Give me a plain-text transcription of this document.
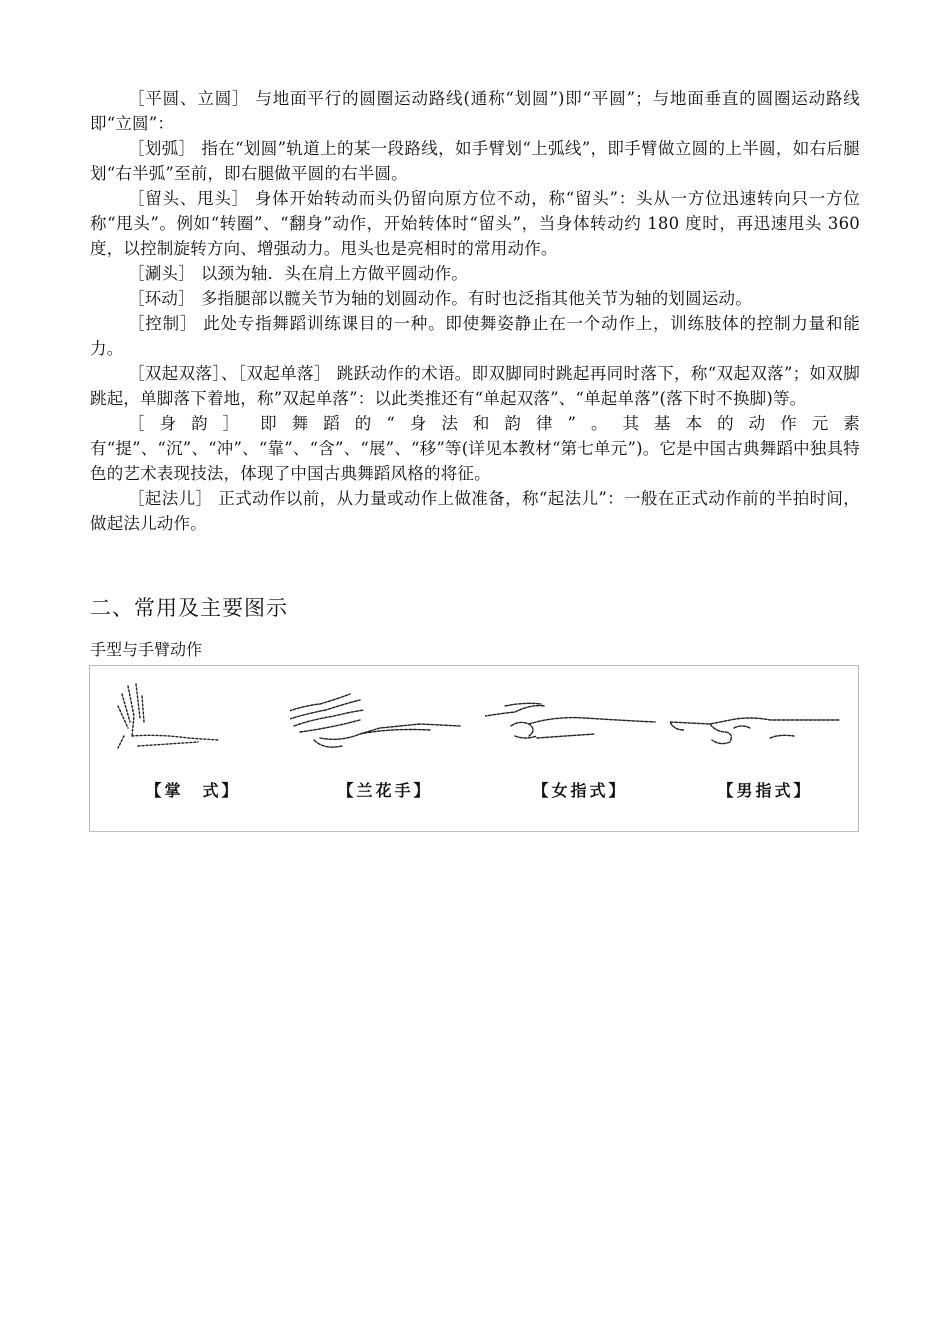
［平圆、立圆］ 与地面平行的圆圈运动路线(通称“划圆”)即“平圆”；与地面垂直的圆圈运动路线即“立圆”：

［划弧］ 指在“划圆”轨道上的某一段路线，如手臂划“上弧线”，即手臂做立圆的上半圆，如右后腿划“右半弧”至前，即右腿做平圆的右半圆。

［留头、甩头］ 身体开始转动而头仍留向原方位不动，称“留头”：头从一方位迅速转向只一方位称“甩头”。例如“转圈”、“翻身”动作，开始转体时“留头”，当身体转动约 180 度时，再迅速甩头 360 度，以控制旋转方向、增强动力。甩头也是亮相时的常用动作。

［涮头］ 以颈为轴．头在肩上方做平圆动作。

［环动］ 多指腿部以髋关节为轴的划圆动作。有时也泛指其他关节为轴的划圆运动。

［控制］ 此处专指舞蹈训练课目的一种。即使舞姿静止在一个动作上，训练肢体的控制力量和能力。

［双起双落］、［双起单落］ 跳跃动作的术语。即双脚同时跳起再同时落下，称“双起双落”；如双脚跳起，单脚落下着地，称”双起单落”：以此类推还有“单起双落”、“单起单落”(落下时不换脚)等。

［身韵］ 即舞蹈的“身法和韵律”。其基本的动作元素有“提”、“沉”、“冲”、“靠”、“含”、“展”、“移”等(详见本教材“第七单元”)。它是中国古典舞蹈中独具特色的艺术表现技法，体现了中国古典舞蹈风格的将征。

［起法儿］ 正式动作以前，从力量或动作上做准备，称“起法儿”：一般在正式动作前的半拍时间，做起法儿动作。

二、常用及主要图示
手型与手臂动作
【掌　式】	【兰花手】	【女指式】	【男指式】
